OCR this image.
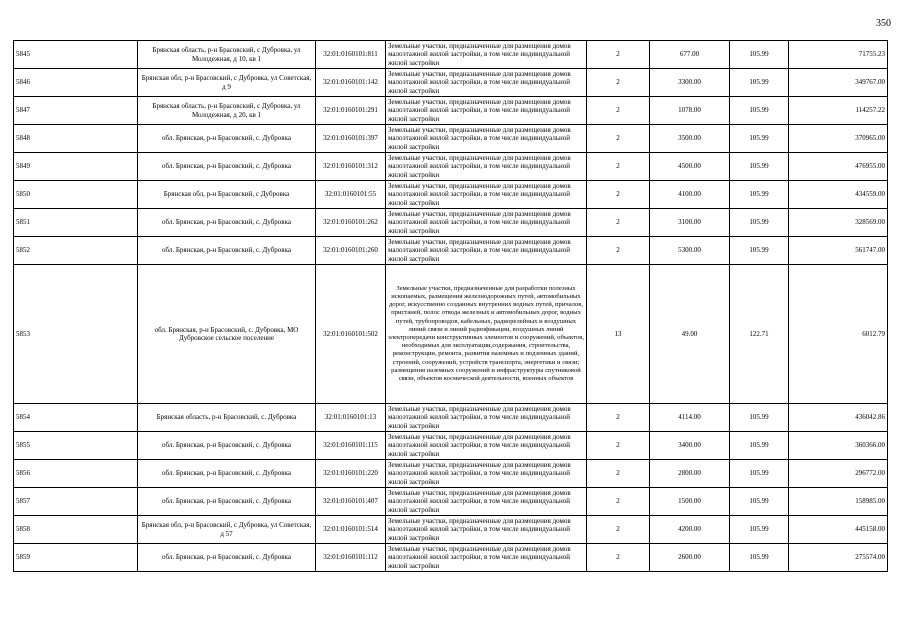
350
5845	Брянская область, р-н Брасовский, с Дубровка, ул Молодежная, д 10, кв 1	32:01:0160101:811	Земельные участки, предназначенные для размещения домов малоэтажной жилой застройки, в том числе индивидуальной жилой застройки	2	677.00	105.99	71755.23
5846	Брянская обл, р-н Брасовский, с Дубровка, ул Советская, д 9	32:01:0160101:142	Земельные участки, предназначенные для размещения домов малоэтажной жилой застройки, в том числе индивидуальной жилой застройки	2	3300.00	105.99	349767.00
5847	Брянская область, р-н Брасовский, с Дубровка, ул Молодежная, д 20, кв 1	32:01:0160101:291	Земельные участки, предназначенные для размещения домов малоэтажной жилой застройки, в том числе индивидуальной жилой застройки	2	1078.00	105.99	114257.22
5848	обл. Брянская, р-н Брасовский, с. Дубровка	32:01:0160101:397	Земельные участки, предназначенные для размещения домов малоэтажной жилой застройки, в том числе индивидуальной жилой застройки	2	3500.00	105.99	370965.00
5849	обл. Брянская, р-н Брасовский, с. Дубровка	32:01:0160101:312	Земельные участки, предназначенные для размещения домов малоэтажной жилой застройки, в том числе индивидуальной жилой застройки	2	4500.00	105.99	476955.00
5850	Брянская обл, р-н Брасовский, с Дубровка	32:01:0160101:55	Земельные участки, предназначенные для размещения домов малоэтажной жилой застройки, в том числе индивидуальной жилой застройки	2	4100.00	105.99	434559.00
5851	обл. Брянская, р-н Брасовский, с. Дубровка	32:01:0160101:262	Земельные участки, предназначенные для размещения домов малоэтажной жилой застройки, в том числе индивидуальной жилой застройки	2	3100.00	105.99	328569.00
5852	обл. Брянская, р-н Брасовский, с. Дубровка	32:01:0160101:260	Земельные участки, предназначенные для размещения домов малоэтажной жилой застройки, в том числе индивидуальной жилой застройки	2	5300.00	105.99	561747.00
5853	обл. Брянская, р-н Брасовский, с. Дубровка, МО Дубровское сельское поселение	32:01:0160101:502	Земельные участки, предназначенные для разработки полезных ископаемых, размещения железнодорожных путей, автомобильных дорог, искусственно созданных внутренних водных путей, причалов, пристаней, полос отвода железных и автомобильных дорог, водных путей, трубопроводов, кабельных, радиорелейных и воздушных линий связи и линий радиофикации, воздушных линий электропередачи конструктивных элементов и сооружений, объектов, необходимых для эксплуатации,содержания, строительства, реконструкции, ремонта, развития наземных и подземных зданий, строений, сооружений, устройств транспорта, энергетики и связи; размещения наземных сооружений и инфраструктуры спутниковой связи, объектов космической деятельности, военных объектов	13	49.00	122.71	6012.79
5854	Брянская область, р-н Брасовский, с. Дубровка	32:01:0160101:13	Земельные участки, предназначенные для размещения домов малоэтажной жилой застройки, в том числе индивидуальной жилой застройки	2	4114.00	105.99	436042.86
5855	обл. Брянская, р-н Брасовский, с. Дубровка	32:01:0160101:115	Земельные участки, предназначенные для размещения домов малоэтажной жилой застройки, в том числе индивидуальной жилой застройки	2	3400.00	105.99	360366.00
5856	обл. Брянская, р-н Брасовский, с. Дубровка	32:01:0160101:220	Земельные участки, предназначенные для размещения домов малоэтажной жилой застройки, в том числе индивидуальной жилой застройки	2	2800.00	105.99	296772.00
5857	обл. Брянская, р-н Брасовский, с. Дубровка	32:01:0160101:407	Земельные участки, предназначенные для размещения домов малоэтажной жилой застройки, в том числе индивидуальной жилой застройки	2	1500.00	105.99	158985.00
5858	Брянская обл, р-н Брасовский, с Дубровка, ул Советская, д 57	32:01:0160101:514	Земельные участки, предназначенные для размещения домов малоэтажной жилой застройки, в том числе индивидуальной жилой застройки	2	4200.00	105.99	445158.00
5859	обл. Брянская, р-н Брасовский, с. Дубровка	32:01:0160101:112	Земельные участки, предназначенные для размещения домов малоэтажной жилой застройки, в том числе индивидуальной жилой застройки	2	2600.00	105.99	275574.00
